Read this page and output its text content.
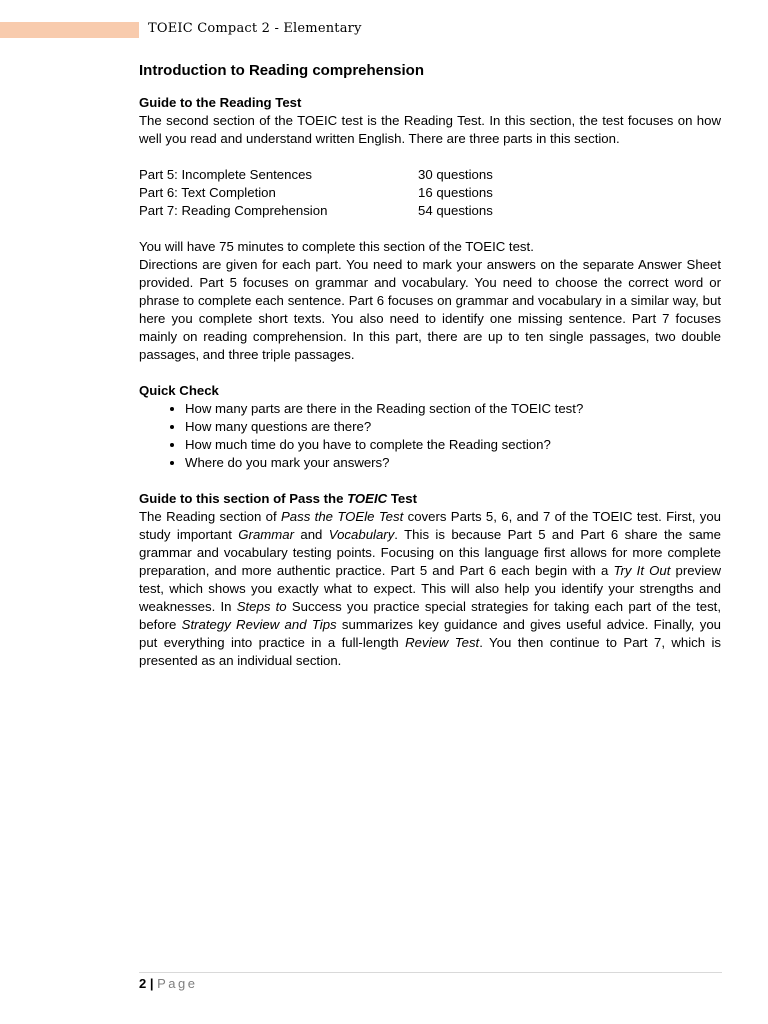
TOEIC Compact 2 - Elementary
Introduction to Reading comprehension

Guide to the Reading Test

The second section of the TOEIC test is the Reading Test. In this section, the test focuses on how well you read and understand written English. There are three parts in this section.

Part 5: Incomplete Sentences	30 questions
Part 6: Text Completion	16 questions
Part 7: Reading Comprehension	54 questions

You will have 75 minutes to complete this section of the TOEIC test.

Directions are given for each part. You need to mark your answers on the separate Answer Sheet provided. Part 5 focuses on grammar and vocabulary. You need to choose the correct word or phrase to complete each sentence. Part 6 focuses on grammar and vocabulary in a similar way, but here you complete short texts. You also need to identify one missing sentence. Part 7 focuses mainly on reading comprehension. In this part, there are up to ten single passages, two double passages, and three triple passages.

Quick Check

• How many parts are there in the Reading section of the TOEIC test?
• How many questions are there?
• How much time do you have to complete the Reading section?
• Where do you mark your answers?

Guide to this section of Pass the TOEIC Test

The Reading section of Pass the TOEle Test covers Parts 5, 6, and 7 of the TOEIC test. First, you study important Grammar and Vocabulary. This is because Part 5 and Part 6 share the same grammar and vocabulary testing points. Focusing on this language first allows for more complete preparation, and more authentic practice. Part 5 and Part 6 each begin with a Try It Out preview test, which shows you exactly what to expect. This will also help you identify your strengths and weaknesses. In Steps to Success you practice special strategies for taking each part of the test, before Strategy Review and Tips summarizes key guidance and gives useful advice. Finally, you put everything into practice in a full-length Review Test. You then continue to Part 7, which is presented as an individual section.

2 | Page
